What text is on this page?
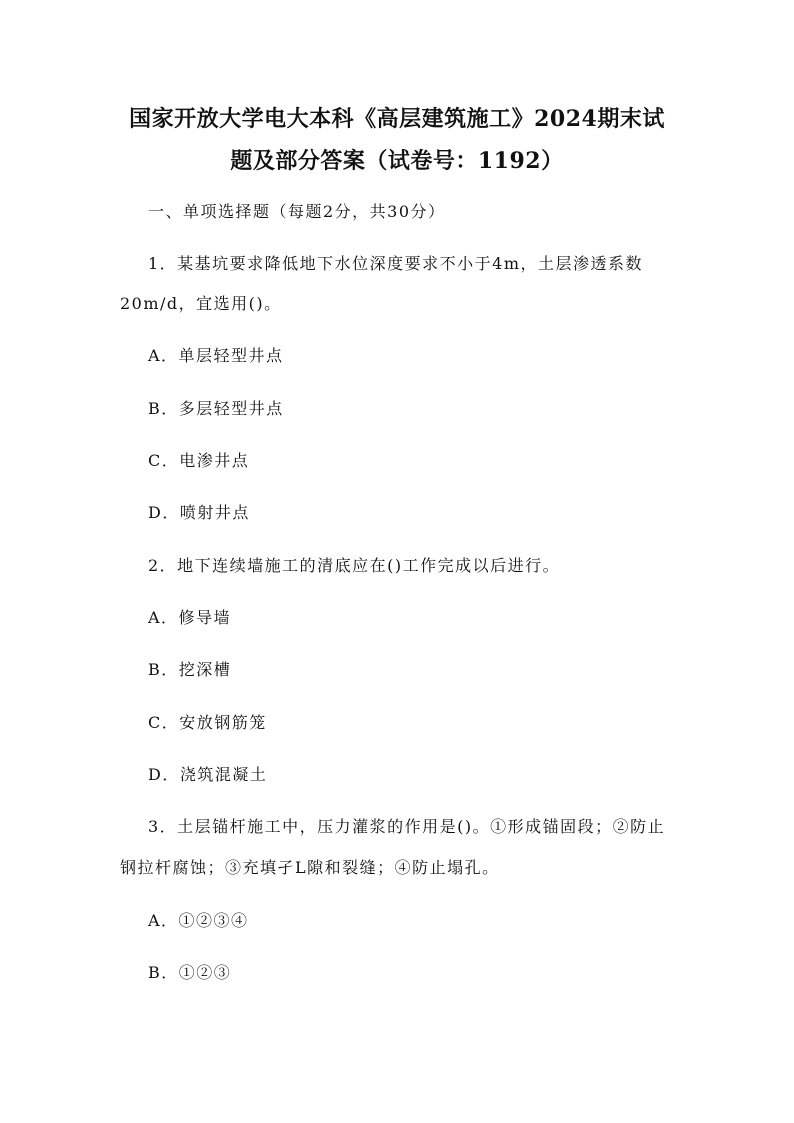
国家开放大学电大本科《高层建筑施工》2024期末试
题及部分答案（试卷号：1192）

一、单项选择题（每题2分，共30分）

1．某基坑要求降低地下水位深度要求不小于4m，土层渗透系数

20m/d，宜选用()。

A．单层轻型井点

B．多层轻型井点

C．电渗井点

D．喷射井点

2．地下连续墙施工的清底应在()工作完成以后进行。

A．修导墙

B．挖深槽

C．安放钢筋笼

D．浇筑混凝土

3．土层锚杆施工中，压力灌浆的作用是()。①形成锚固段；②防止

钢拉杆腐蚀；③充填孑L隙和裂缝；④防止塌孔。

A．①②③④

B．①②③
